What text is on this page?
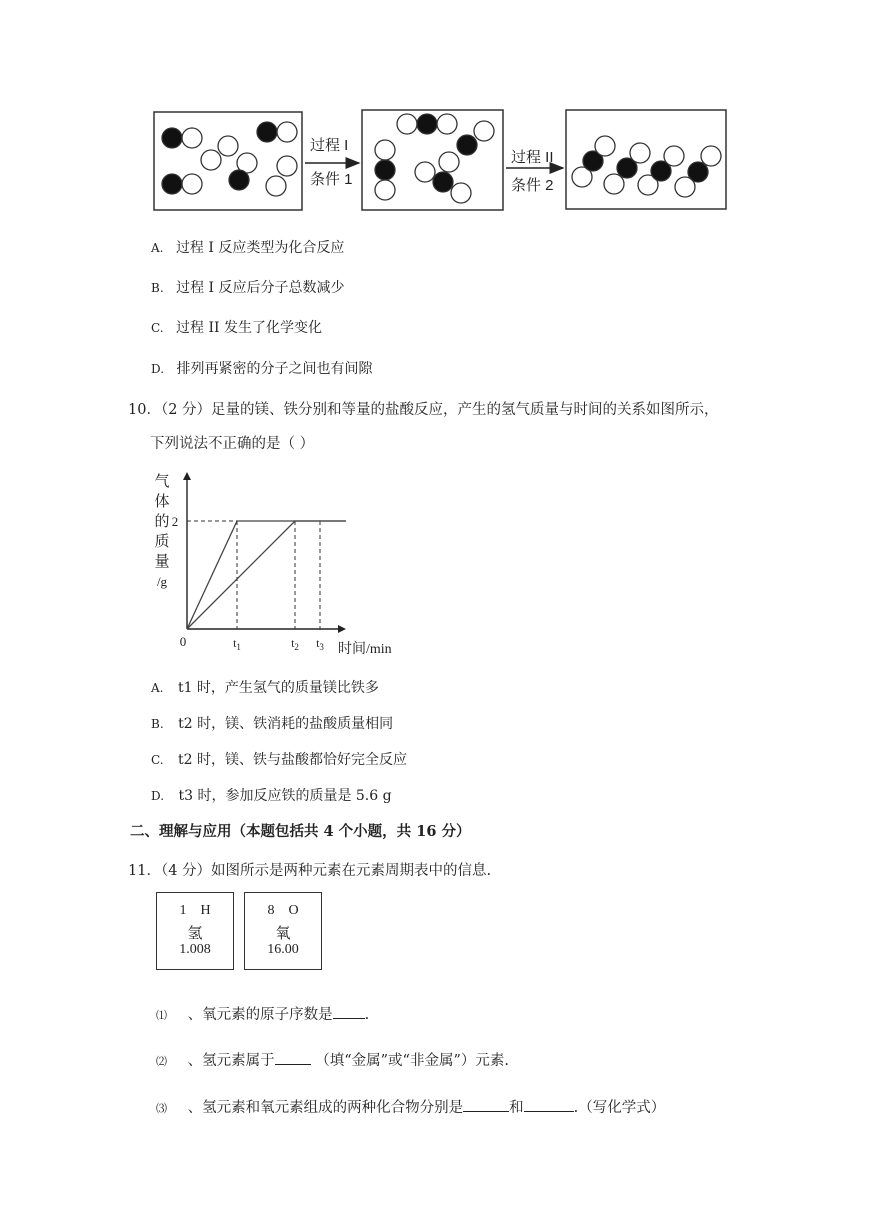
过程 I
条件 1
过程 II
条件 2
A. 过程 Ⅰ 反应类型为化合反应
B. 过程 Ⅰ 反应后分子总数减少
C. 过程 II 发生了化学变化
D. 排列再紧密的分子之间也有间隙
10．（2 分）足量的镁、铁分别和等量的盐酸反应，产生的氢气质量与时间的关系如图所示，
下列说法不正确的是（ ）
0
2
$t_1$	$t_2$ $t_3$ 时间/min
气
体
的
质
量
/g
A. t1 时，产生氢气的质量镁比铁多
B. t2 时，镁、铁消耗的盐酸质量相同
C. t2 时，镁、铁与盐酸都恰好完全反应
D. t3 时，参加反应铁的质量是 5.6 g
二、理解与应用（本题包括共 4 个小题，共 16 分）
11．（4 分）如图所示是两种元素在元素周期表中的信息.
1 H
氢
1.008
8 O
氧
16.00
⑴ 、氧元素的原子序数是 .
⑵ 、氢元素属于	（填“金属”或“非金属”）元素.
⑶ 、氢元素和氧元素组成的两种化合物分别是	和	.（写化学式）
